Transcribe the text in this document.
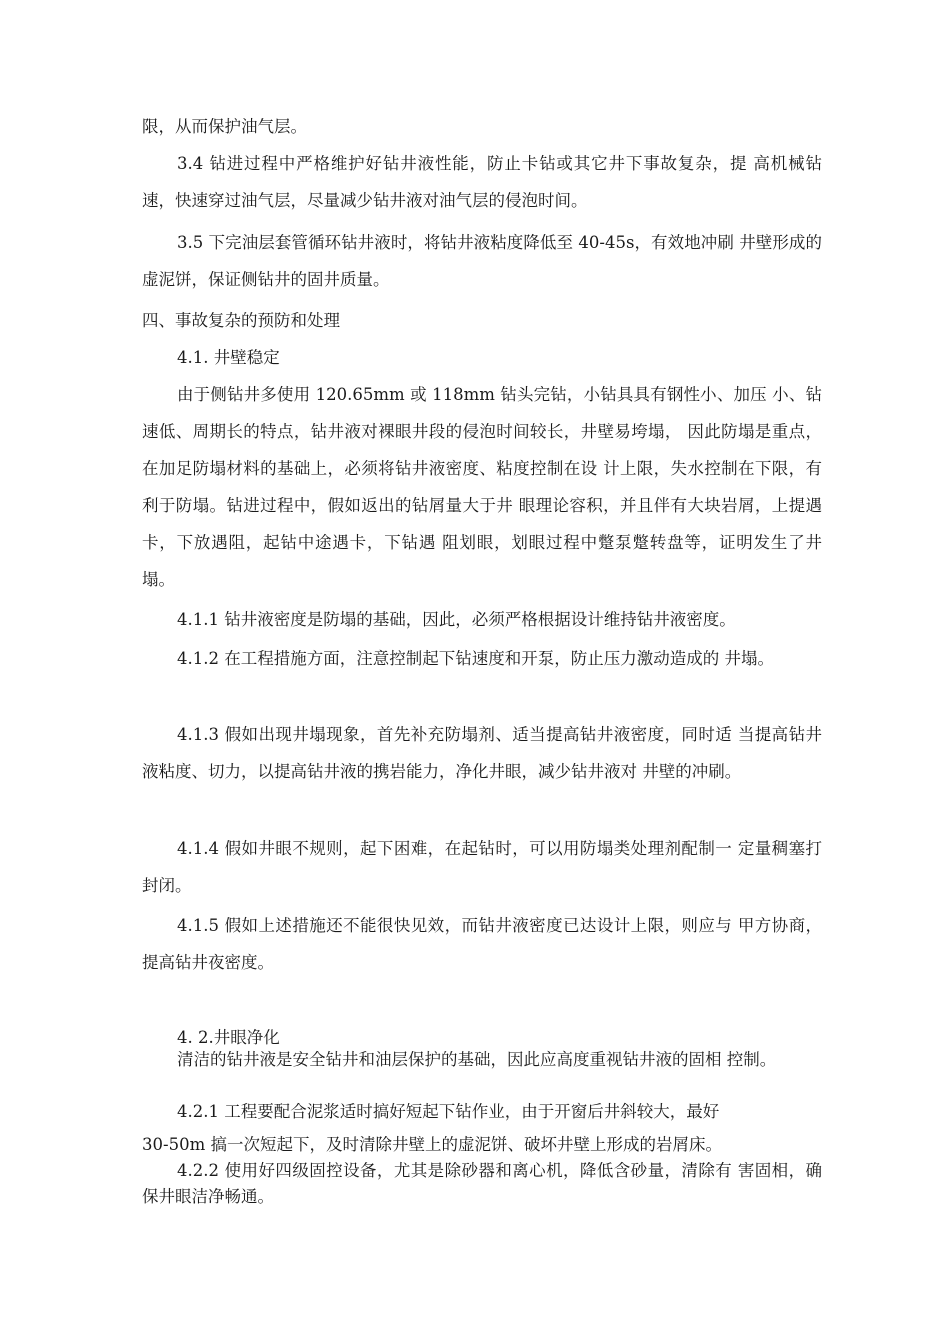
限，从而保护油气层。

3.4 钻进过程中严格维护好钻井液性能，防止卡钻或其它井下事故复杂，提 高机械钻速，快速穿过油气层，尽量减少钻井液对油气层的侵泡时间。

3.5 下完油层套管循环钻井液时，将钻井液粘度降低至 40-45s，有效地冲刷 井壁形成的虚泥饼，保证侧钻井的固井质量。

四、事故复杂的预防和处理

4.1. 井壁稳定

由于侧钻井多使用 120.65mm 或 118mm 钻头完钻，小钻具具有钢性小、加压 小、钻速低、周期长的特点，钻井液对裸眼井段的侵泡时间较长，井壁易垮塌， 因此防塌是重点，在加足防塌材料的基础上，必须将钻井液密度、粘度控制在设 计上限，失水控制在下限，有利于防塌。钻进过程中，假如返出的钻屑量大于井 眼理论容积，并且伴有大块岩屑，上提遇卡，下放遇阻，起钻中途遇卡，下钻遇 阻划眼，划眼过程中蹩泵蹩转盘等，证明发生了井塌。

4.1.1 钻井液密度是防塌的基础，因此，必须严格根据设计维持钻井液密度。

4.1.2 在工程措施方面，注意控制起下钻速度和开泵，防止压力激动造成的 井塌。

4.1.3 假如出现井塌现象，首先补充防塌剂、适当提高钻井液密度，同时适 当提高钻井液粘度、切力，以提高钻井液的携岩能力，净化井眼，减少钻井液对 井壁的冲刷。

4.1.4 假如井眼不规则，起下困难，在起钻时，可以用防塌类处理剂配制一 定量稠塞打封闭。

4.1.5 假如上述措施还不能很快见效，而钻井液密度已达设计上限，则应与 甲方协商，提高钻井夜密度。

4. 2.井眼净化

清洁的钻井液是安全钻井和油层保护的基础，因此应高度重视钻井液的固相 控制。

4.2.1 工程要配合泥浆适时搞好短起下钻作业，由于开窗后井斜较大，最好

30-50m 搞一次短起下，及时清除井壁上的虚泥饼、破坏井壁上形成的岩屑床。

4.2.2 使用好四级固控设备，尤其是除砂器和离心机，降低含砂量，清除有 害固相，确保井眼洁净畅通。
